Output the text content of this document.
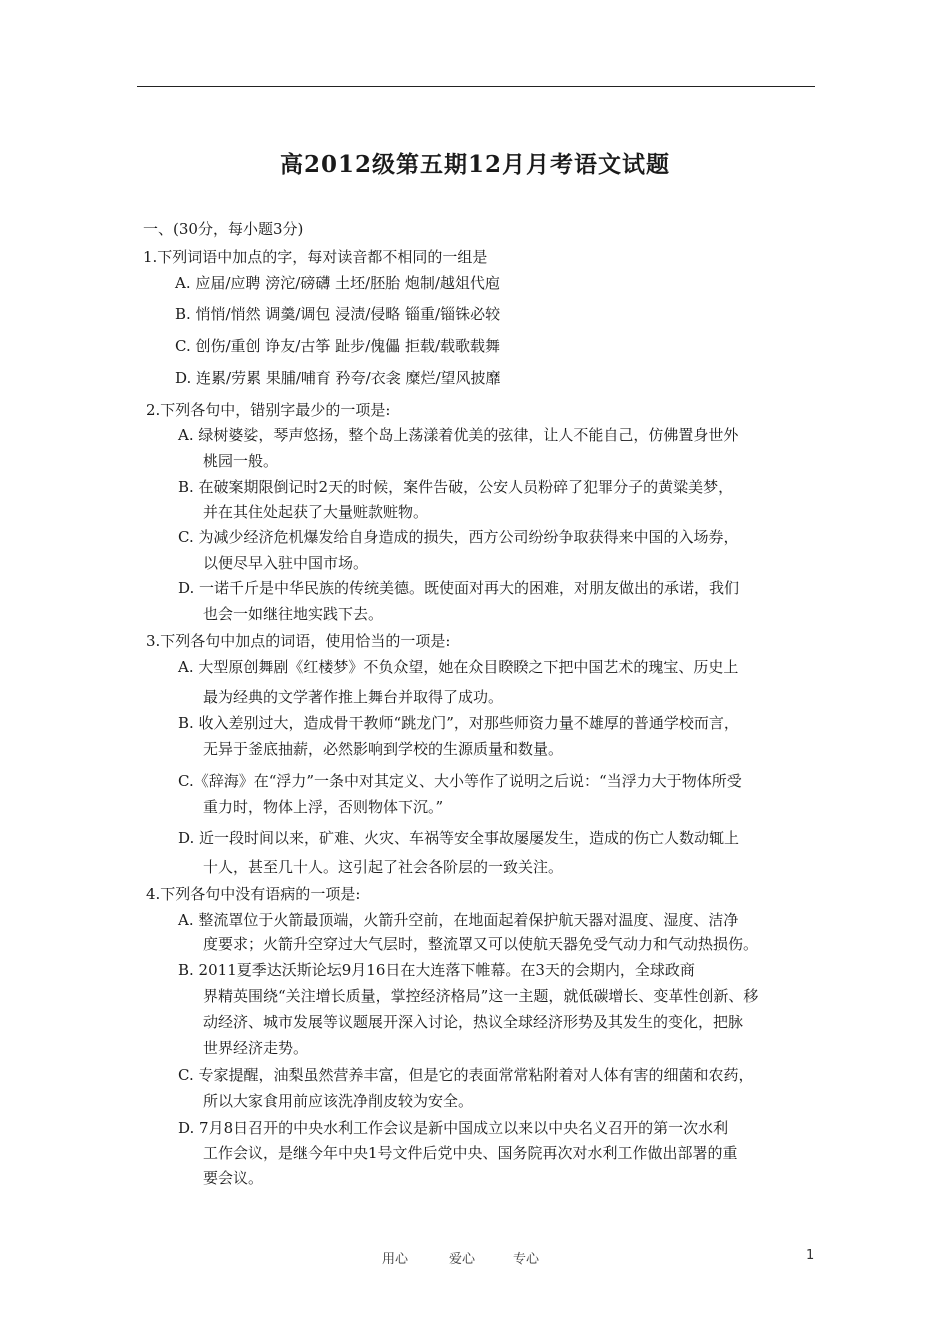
高2012级第五期12月月考语文试题
一、(30分，每小题3分)
1.下列词语中加点的字，每对读音都不相同的一组是
A. 应届/应聘 滂沱/磅礴 土坯/胚胎 炮制/越俎代庖
B. 悄悄/悄然 调羹/调包 浸渍/侵略 锱重/锱铢必较
C. 创伤/重创 诤友/古筝 趾步/傀儡 拒载/载歌载舞
D. 连累/劳累 果脯/哺育 矜夸/衣衾 糜烂/望风披靡
2.下列各句中，错别字最少的一项是:
A. 绿树婆娑，琴声悠扬，整个岛上荡漾着优美的弦律，让人不能自己，仿佛置身世外
桃园一般。
B. 在破案期限倒记时2天的时候，案件告破，公安人员粉碎了犯罪分子的黄粱美梦，
并在其住处起获了大量赃款赃物。
C. 为减少经济危机爆发给自身造成的损失，西方公司纷纷争取获得来中国的入场券，
以便尽早入驻中国市场。
D. 一诺千斤是中华民族的传统美德。既使面对再大的困难，对朋友做出的承诺，我们
也会一如继往地实践下去。
3.下列各句中加点的词语，使用恰当的一项是:
A. 大型原创舞剧《红楼梦》不负众望，她在众目睽睽之下把中国艺术的瑰宝、历史上
最为经典的文学著作推上舞台并取得了成功。
B. 收入差别过大，造成骨干教师“跳龙门”，对那些师资力量不雄厚的普通学校而言，
无异于釜底抽薪，必然影响到学校的生源质量和数量。
C.《辞海》在“浮力”一条中对其定义、大小等作了说明之后说：“当浮力大于物体所受
重力时，物体上浮，否则物体下沉。”
D. 近一段时间以来，矿难、火灾、车祸等安全事故屡屡发生，造成的伤亡人数动辄上
十人，甚至几十人。这引起了社会各阶层的一致关注。
4.下列各句中没有语病的一项是:
A. 整流罩位于火箭最顶端，火箭升空前，在地面起着保护航天器对温度、湿度、洁净
度要求；火箭升空穿过大气层时，整流罩又可以使航天器免受气动力和气动热损伤。
B. 2011夏季达沃斯论坛9月16日在大连落下帷幕。在3天的会期内，全球政商
界精英围绕“关注增长质量，掌控经济格局”这一主题，就低碳增长、变革性创新、移
动经济、城市发展等议题展开深入讨论，热议全球经济形势及其发生的变化，把脉
世界经济走势。
C. 专家提醒，油梨虽然营养丰富，但是它的表面常常粘附着对人体有害的细菌和农药，
所以大家食用前应该洗净削皮较为安全。
D. 7月8日召开的中央水利工作会议是新中国成立以来以中央名义召开的第一次水利
工作会议，是继今年中央1号文件后党中央、国务院再次对水利工作做出部署的重
要会议。
用心	爱心	专心	1
